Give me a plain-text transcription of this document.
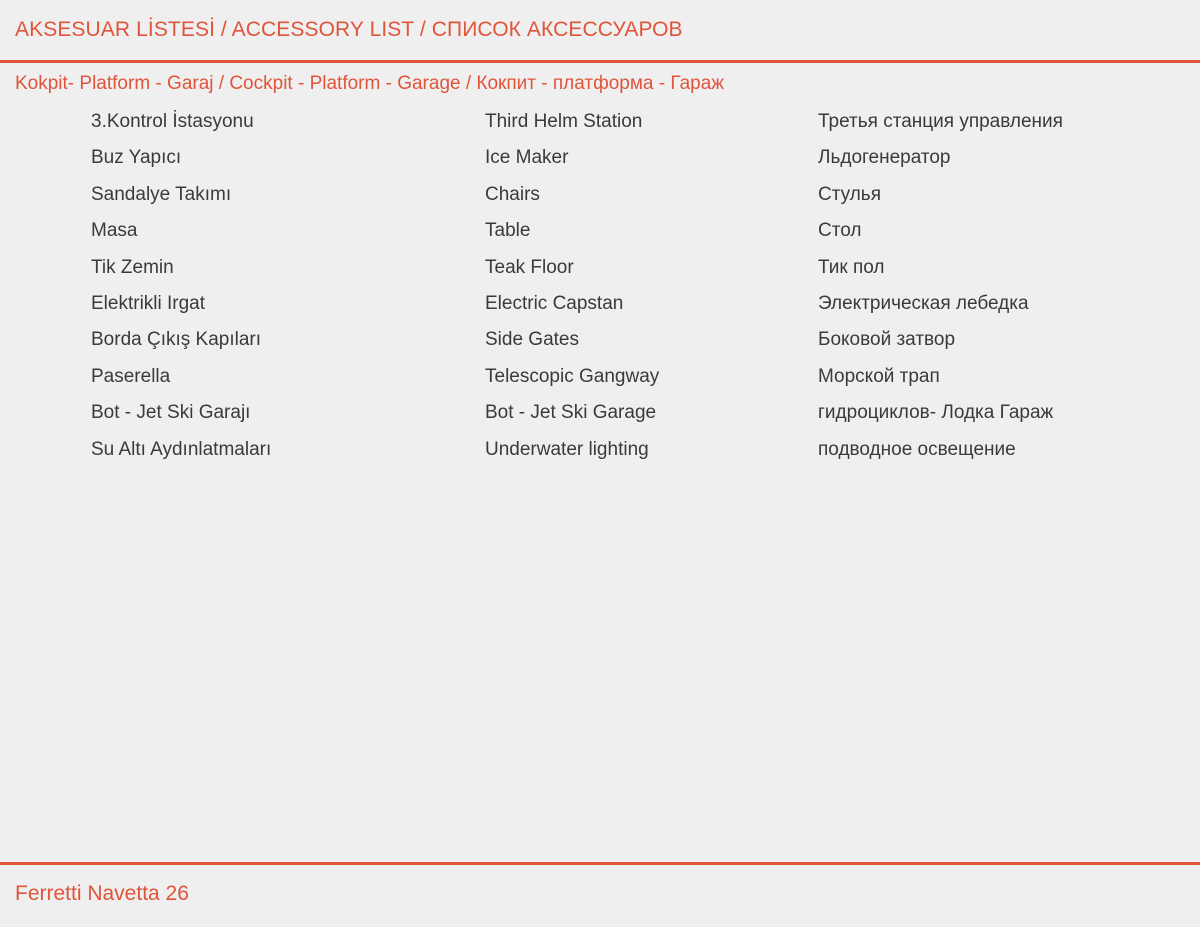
AKSESUAR LİSTESİ / ACCESSORY LIST / СПИСОК АКСЕССУАРОВ
Kokpit- Platform - Garaj / Cockpit - Platform - Garage / Кокпит - платформа - Гараж
3.Kontrol İstasyonu	Third Helm Station	Третья станция управления
Buz Yapıcı	Ice Maker	Льдогенератор
Sandalye Takımı	Chairs	Стулья
Masa	Table	Стол
Tik Zemin	Teak Floor	Тик пол
Elektrikli Irgat	Electric Capstan	Электрическая лебедка
Borda Çıkış Kapıları	Side Gates	Боковой затвор
Paserella	Telescopic Gangway	Морской трап
Bot - Jet Ski Garajı	Bot - Jet Ski Garage	гидроциклов- Лодка Гараж
Su Altı Aydınlatmaları	Underwater lighting	подводное освещение
Ferretti Navetta 26
